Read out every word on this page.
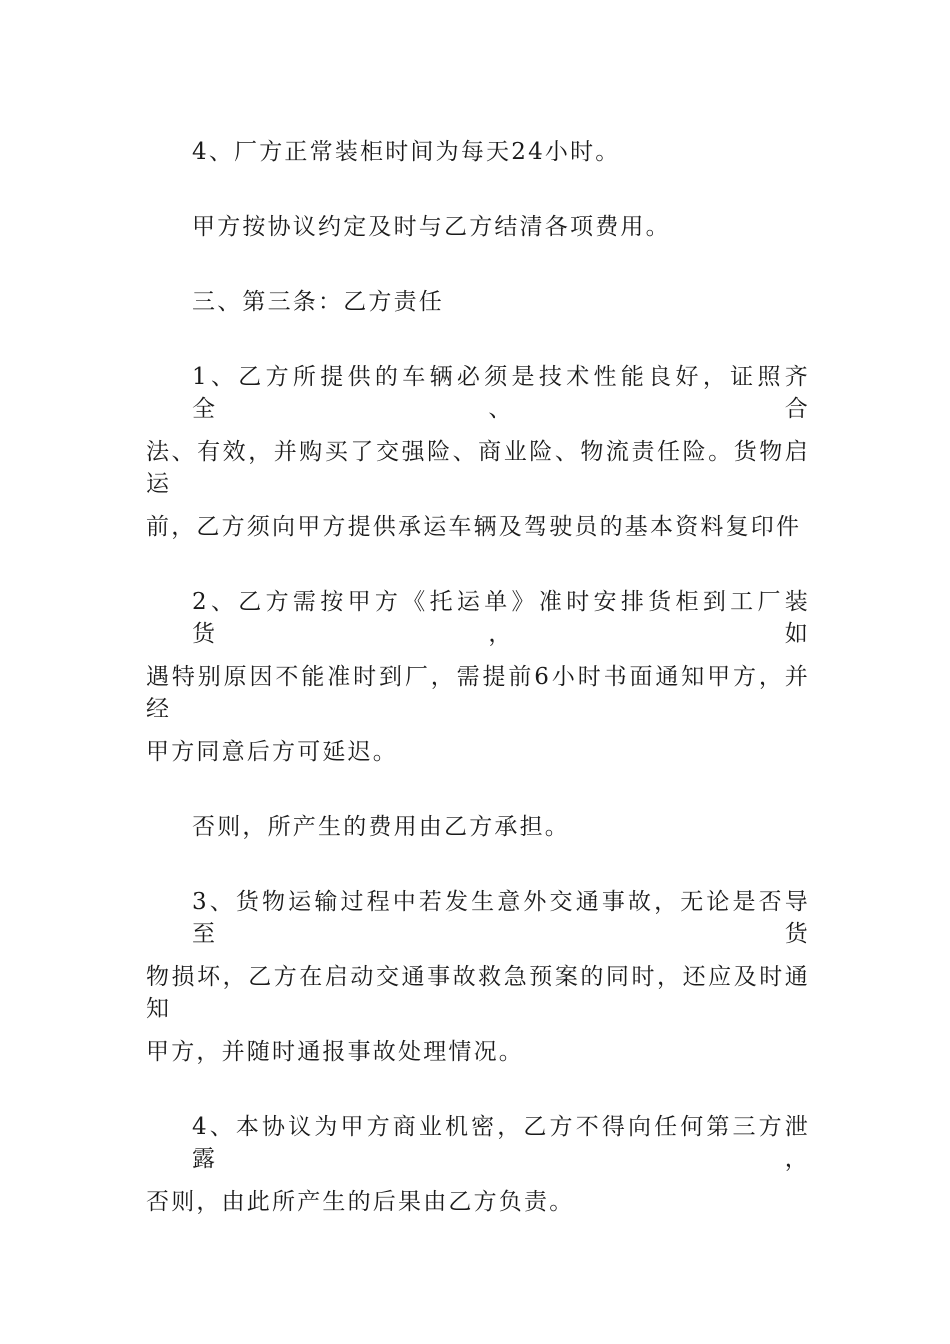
4、厂方正常装柜时间为每天24小时。
甲方按协议约定及时与乙方结清各项费用。
三、第三条：乙方责任
1、乙方所提供的车辆必须是技术性能良好，证照齐全、合
法、有效，并购买了交强险、商业险、物流责任险。货物启运
前，乙方须向甲方提供承运车辆及驾驶员的基本资料复印件
2、乙方需按甲方《托运单》准时安排货柜到工厂装货，如
遇特别原因不能准时到厂，需提前6小时书面通知甲方，并经
甲方同意后方可延迟。
否则，所产生的费用由乙方承担。
3、货物运输过程中若发生意外交通事故，无论是否导至货
物损坏，乙方在启动交通事故救急预案的同时，还应及时通知
甲方，并随时通报事故处理情况。
4、本协议为甲方商业机密，乙方不得向任何第三方泄露，
否则，由此所产生的后果由乙方负责。
